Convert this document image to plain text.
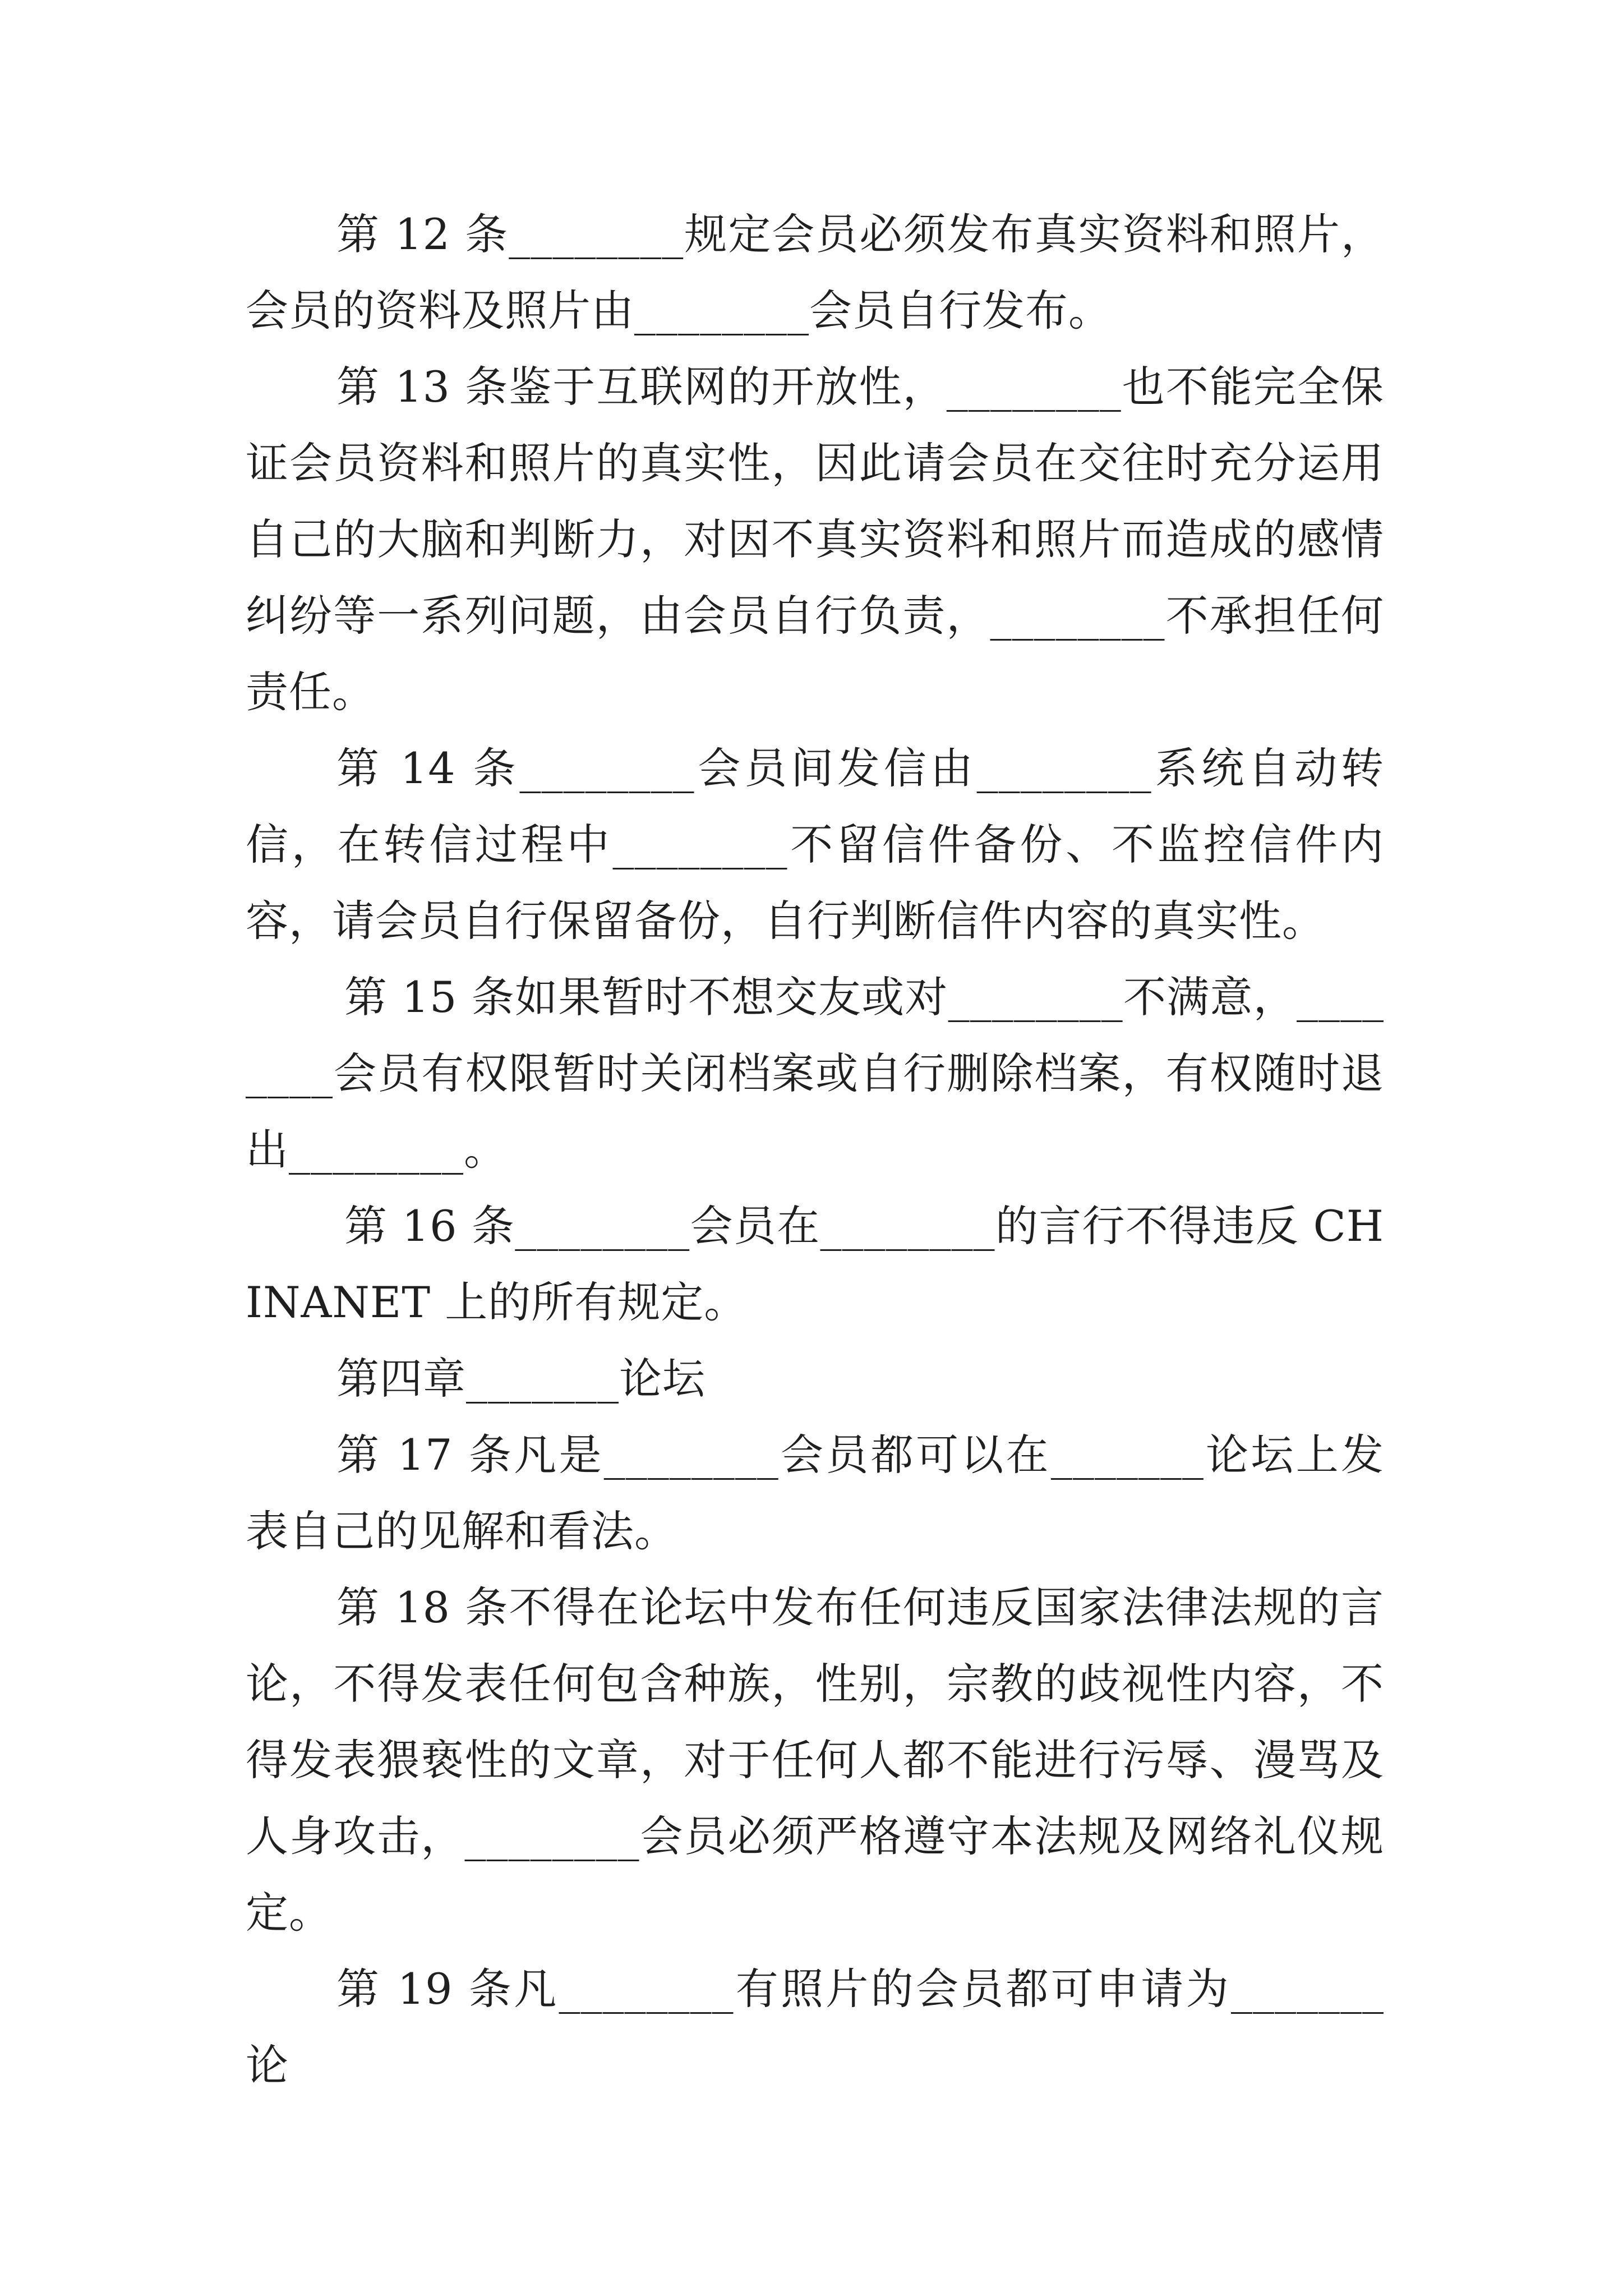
第 12 条________规定会员必须发布真实资料和照片，会员的资料及照片由________会员自行发布。

第 13 条鉴于互联网的开放性，________也不能完全保证会员资料和照片的真实性，因此请会员在交往时充分运用自己的大脑和判断力，对因不真实资料和照片而造成的感情纠纷等一系列问题，由会员自行负责，________不承担任何责任。

第 14 条________会员间发信由________系统自动转信，在转信过程中________不留信件备份、不监控信件内容，请会员自行保留备份，自行判断信件内容的真实性。

第 15 条如果暂时不想交友或对________不满意，________会员有权限暂时关闭档案或自行删除档案，有权随时退出________。

第 16 条________会员在________的言行不得违反 CHINANET 上的所有规定。

第四章_______论坛

第 17 条凡是________会员都可以在_______论坛上发表自己的见解和看法。

第 18 条不得在论坛中发布任何违反国家法律法规的言论，不得发表任何包含种族，性别，宗教的歧视性内容，不得发表猥亵性的文章，对于任何人都不能进行污辱、漫骂及人身攻击，________会员必须严格遵守本法规及网络礼仪规定。

第 19 条凡________有照片的会员都可申请为_______论
